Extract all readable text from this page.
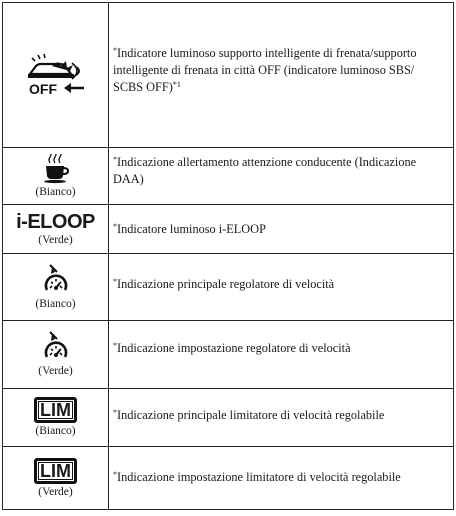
OFF
*Indicatore luminoso supporto intelligente di frenata/supporto intelligente di frenata in città OFF (indicatore luminoso SBS/ SCBS OFF)$^{*1}$
(Bianco)
*Indicazione allertamento attenzione conducente (Indicazione DAA)
i-ELOOP
(Verde)
*Indicatore luminoso i-ELOOP
(Bianco)
*Indicazione principale regolatore di velocità
(Verde)
*Indicazione impostazione regolatore di velocità
LIM
(Bianco)
*Indicazione principale limitatore di velocità regolabile
LIM
(Verde)
*Indicazione impostazione limitatore di velocità regolabile
